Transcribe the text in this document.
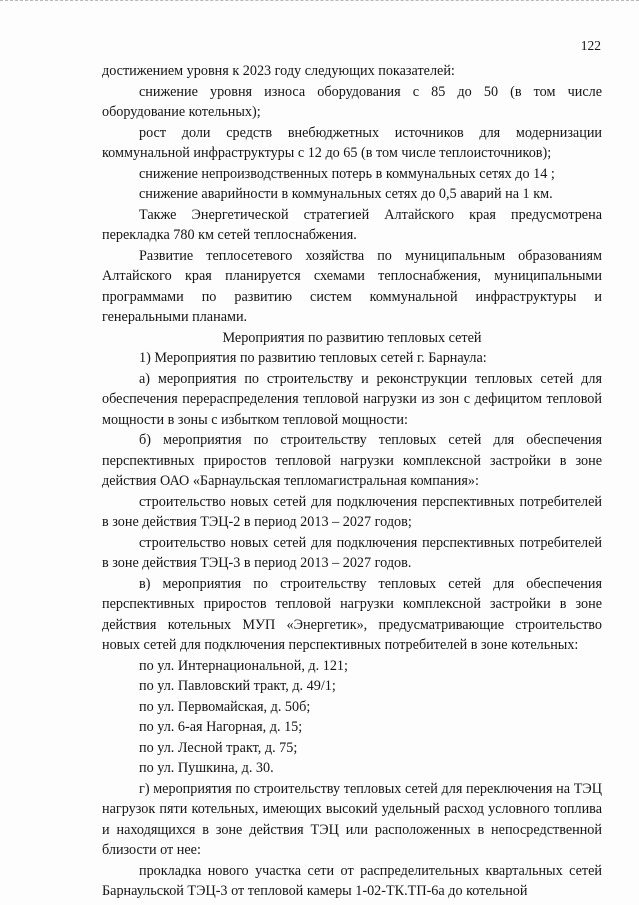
122

достижением уровня к 2023 году следующих показателей:

снижение уровня износа оборудования с 85 до 50 (в том числе оборудование котельных);

рост доли средств внебюджетных источников для модернизации коммунальной инфраструктуры с 12 до 65 (в том числе теплоисточников);

снижение непроизводственных потерь в коммунальных сетях до 14 ;

снижение аварийности в коммунальных сетях до 0,5 аварий на 1 км.

Также Энергетической стратегией Алтайского края предусмотрена перекладка 780 км сетей теплоснабжения.

Развитие теплосетевого хозяйства по муниципальным образованиям Алтайского края планируется схемами теплоснабжения, муниципальными программами по развитию систем коммунальной инфраструктуры и генеральными планами.

Мероприятия по развитию тепловых сетей

1) Мероприятия по развитию тепловых сетей г. Барнаула:

а) мероприятия по строительству и реконструкции тепловых сетей для обеспечения перераспределения тепловой нагрузки из зон с дефицитом тепловой мощности в зоны с избытком тепловой мощности:

б) мероприятия по строительству тепловых сетей для обеспечения перспективных приростов тепловой нагрузки комплексной застройки в зоне действия ОАО «Барнаульская тепломагистральная компания»:

строительство новых сетей для подключения перспективных потребителей в зоне действия ТЭЦ-2 в период 2013 – 2027 годов;

строительство новых сетей для подключения перспективных потребителей в зоне действия ТЭЦ-3 в период 2013 – 2027 годов.

в) мероприятия по строительству тепловых сетей для обеспечения перспективных приростов тепловой нагрузки комплексной застройки в зоне действия котельных МУП «Энергетик», предусматривающие строительство новых сетей для подключения перспективных потребителей в зоне котельных:

по ул. Интернациональной, д. 121;

по ул. Павловский тракт, д. 49/1;

по ул. Первомайская, д. 50б;

по ул. 6-ая Нагорная, д. 15;

по ул. Лесной тракт, д. 75;

по ул. Пушкина, д. 30.

г) мероприятия по строительству тепловых сетей для переключения на ТЭЦ нагрузок пяти котельных, имеющих высокий удельный расход условного топлива и находящихся в зоне действия ТЭЦ или расположенных в непосредственной близости от нее:

прокладка нового участка сети от распределительных квартальных сетей Барнаульской ТЭЦ-3 от тепловой камеры 1-02-ТК.ТП-6а до котельной
